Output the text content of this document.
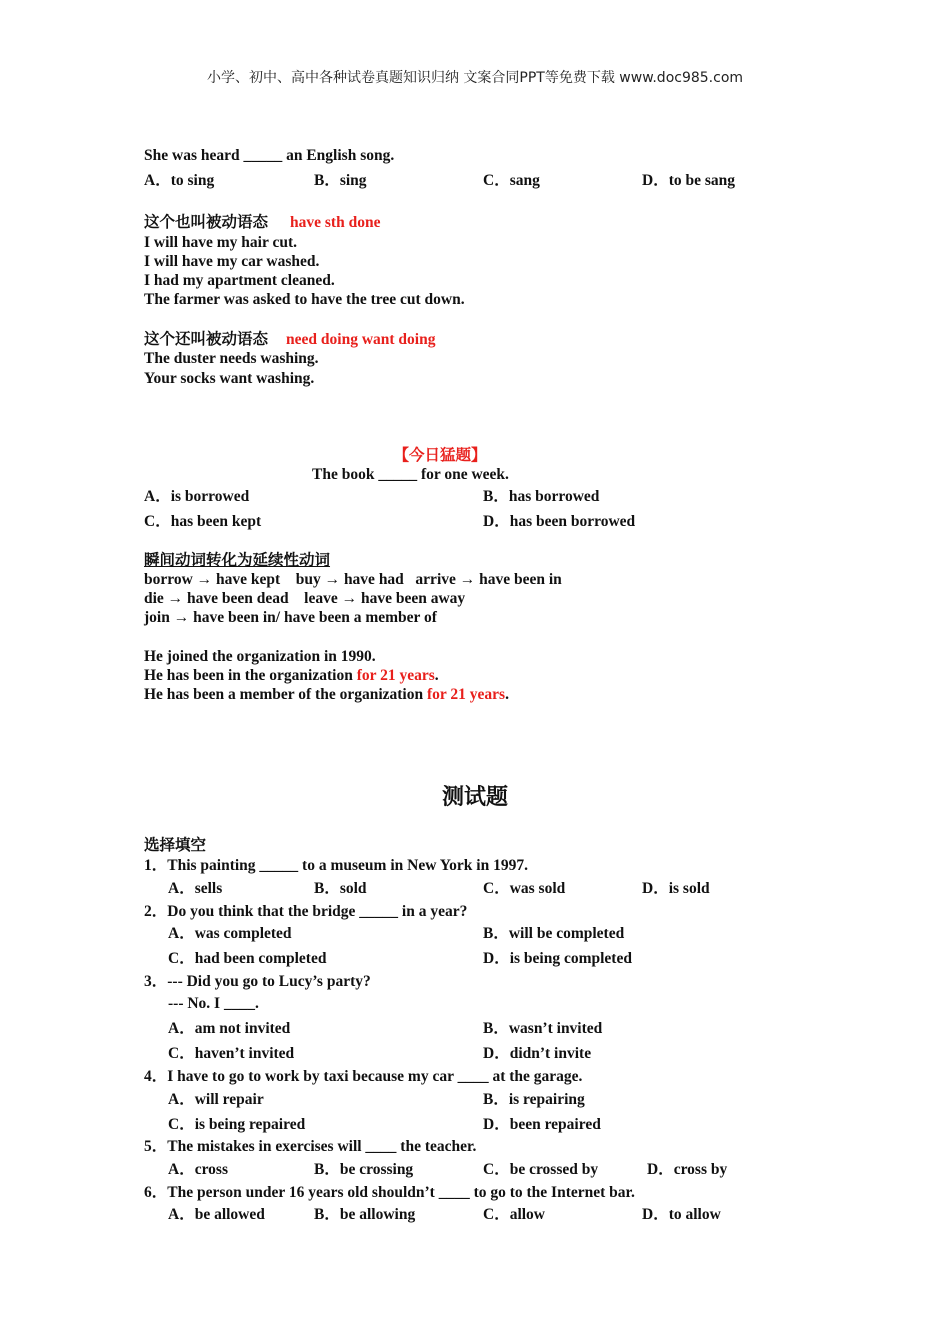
小学、初中、高中各种试卷真题知识归纳 文案合同PPT等免费下载 www.doc985.com
She was heard _____ an English song.
A．to sing	B．sing	C．sang	D．to be sang
这个也叫被动语态 have sth done
I will have my hair cut.
I will have my car washed.
I had my apartment cleaned.
The farmer was asked to have the tree cut down.
这个还叫被动语态 need doing want doing
The duster needs washing.
Your socks want washing.
【今日猛题】
The book _____ for one week.
A．is borrowed	B．has borrowed
C．has been kept	D．has been borrowed
瞬间动词转化为延续性动词
borrow → have kept    buy → have had   arrive → have been in
die → have been dead    leave → have been away
join → have been in/ have been a member of
He joined the organization in 1990.
He has been in the organization for 21 years.
He has been a member of the organization for 21 years.
测试题
选择填空
1．This painting _____ to a museum in New York in 1997.
A．sells	B．sold	C．was sold	D．is sold
2．Do you think that the bridge _____ in a year?
A．was completed	B．will be completed
C．had been completed	D．is being completed
3．--- Did you go to Lucy’s party?
--- No. I ____.
A．am not invited	B．wasn’t invited
C．haven’t invited	D．didn’t invite
4．I have to go to work by taxi because my car ____ at the garage.
A．will repair	B．is repairing
C．is being repaired	D．been repaired
5．The mistakes in exercises will ____ the teacher.
A．cross	B．be crossing	C．be crossed by	D．cross by
6．The person under 16 years old shouldn’t ____ to go to the Internet bar.
A．be allowed	B．be allowing	C．allow	D．to allow
